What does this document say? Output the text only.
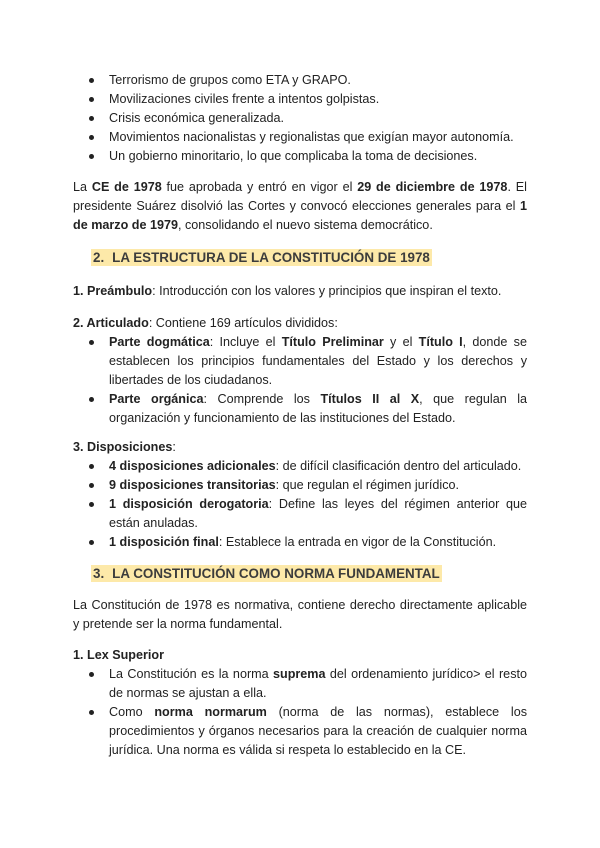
Terrorismo de grupos como ETA y GRAPO.
Movilizaciones civiles frente a intentos golpistas.
Crisis económica generalizada.
Movimientos nacionalistas y regionalistas que exigían mayor autonomía.
Un gobierno minoritario, lo que complicaba la toma de decisiones.
La CE de 1978 fue aprobada y entró en vigor el 29 de diciembre de 1978. El presidente Suárez disolvió las Cortes y convocó elecciones generales para el 1 de marzo de 1979, consolidando el nuevo sistema democrático.
2. LA ESTRUCTURA DE LA CONSTITUCIÓN DE 1978
1. Preámbulo: Introducción con los valores y principios que inspiran el texto.
2. Articulado: Contiene 169 artículos divididos:
Parte dogmática: Incluye el Título Preliminar y el Título I, donde se establecen los principios fundamentales del Estado y los derechos y libertades de los ciudadanos.
Parte orgánica: Comprende los Títulos II al X, que regulan la organización y funcionamiento de las instituciones del Estado.
3. Disposiciones:
4 disposiciones adicionales: de difícil clasificación dentro del articulado.
9 disposiciones transitorias: que regulan el régimen jurídico.
1 disposición derogatoria: Define las leyes del régimen anterior que están anuladas.
1 disposición final: Establece la entrada en vigor de la Constitución.
3. LA CONSTITUCIÓN COMO NORMA FUNDAMENTAL
La Constitución de 1978 es normativa, contiene derecho directamente aplicable y pretende ser la norma fundamental.
1. Lex Superior
La Constitución es la norma suprema del ordenamiento jurídico> el resto de normas se ajustan a ella.
Como norma normarum (norma de las normas), establece los procedimientos y órganos necesarios para la creación de cualquier norma jurídica. Una norma es válida si respeta lo establecido en la CE.
